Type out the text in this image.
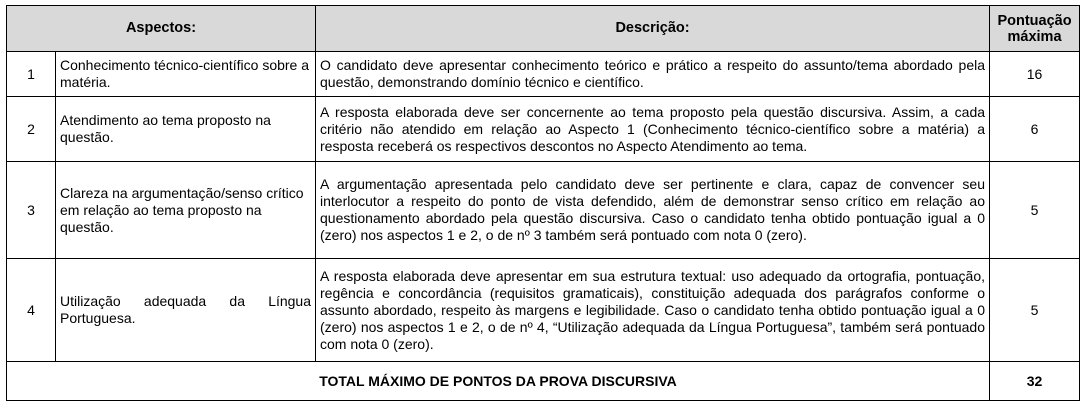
Aspectos:		Descrição:	Pontuação
máxima
1	Conhecimento técnico-científico sobre a matéria.	O candidato deve apresentar conhecimento teórico e prático a respeito do assunto/tema abordado pela questão, demonstrando domínio técnico e científico.	16
2	Atendimento ao tema proposto na questão.	A resposta elaborada deve ser concernente ao tema proposto pela questão discursiva. Assim, a cada critério não atendido em relação ao Aspecto 1 (Conhecimento técnico-científico sobre a matéria) a resposta receberá os respectivos descontos no Aspecto Atendimento ao tema.	6
3	Clareza na argumentação/senso crítico em relação ao tema proposto na questão.	A argumentação apresentada pelo candidato deve ser pertinente e clara, capaz de convencer seu interlocutor a respeito do ponto de vista defendido, além de demonstrar senso crítico em relação ao questionamento abordado pela questão discursiva. Caso o candidato tenha obtido pontuação igual a 0 (zero) nos aspectos 1 e 2, o de nº 3 também será pontuado com nota 0 (zero).	5
4	Utilização adequada da Língua Portuguesa.	A resposta elaborada deve apresentar em sua estrutura textual: uso adequado da ortografia, pontuação, regência e concordância (requisitos gramaticais), constituição adequada dos parágrafos conforme o assunto abordado, respeito às margens e legibilidade. Caso o candidato tenha obtido pontuação igual a 0 (zero) nos aspectos 1 e 2, o de nº 4, “Utilização adequada da Língua Portuguesa”, também será pontuado com nota 0 (zero).	5
TOTAL MÁXIMO DE PONTOS DA PROVA DISCURSIVA			32
